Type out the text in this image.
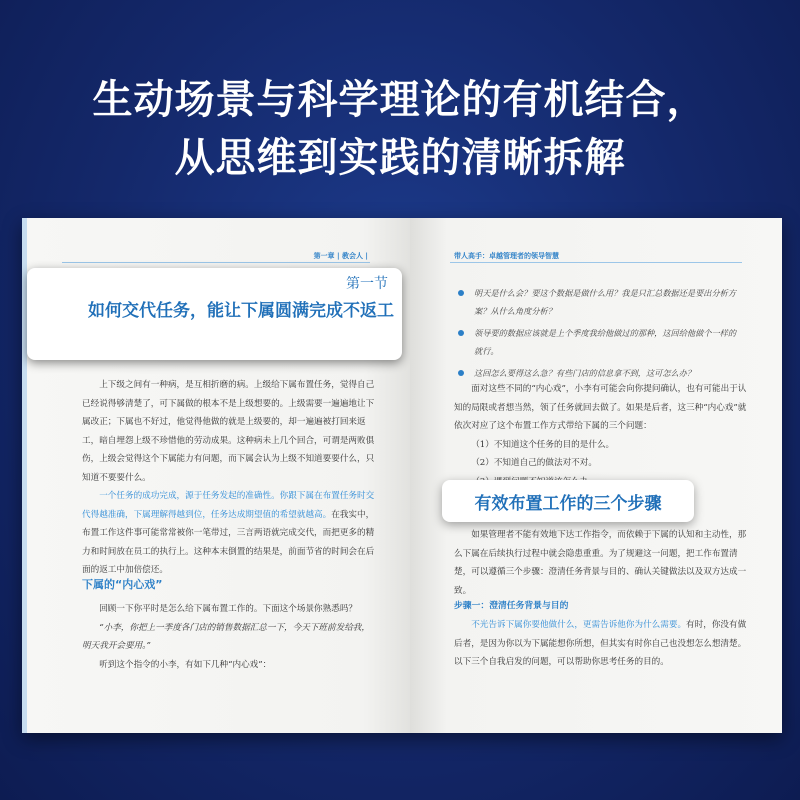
生动场景与科学理论的有机结合，
从思维到实践的清晰拆解
第一章 | 教会人 |

上下级之间有一种病，是互相折磨的病。上级给下属布置任务，觉得自己已经说得够清楚了，可下属做的根本不是上级想要的。上级需要一遍遍地让下属改正；下属也不好过，他觉得他做的就是上级要的，却一遍遍被打回来返工，暗自埋怨上级不珍惜他的劳动成果。这种病未上几个回合，可谓是两败俱伤，上级会觉得这个下属能力有问题，而下属会认为上级不知道要要什么，只知道不要要什么。

一个任务的成功完成，源于任务发起的准确性。你跟下属在布置任务时交代得越准确，下属理解得越到位，任务达成期望值的希望就越高。在我实中，布置工作这件事可能常常被你一笔带过，三言两语就完成交代，而把更多的精力和时间放在员工的执行上。这种本末倒置的结果是，前面节省的时间会在后面的返工中加倍偿还。

下属的“内心戏”

回顾一下你平时是怎么给下属布置工作的。下面这个场景你熟悉吗？

“小李，你把上一季度各门店的销售数据汇总一下，今天下班前发给我，明天我开会要用。”

听到这个指令的小李，有如下几种“内心戏”：

第一节
如何交代任务，能让下属圆满完成不返工
带人高手：卓越管理者的领导智慧
明天是什么会？要这个数据是做什么用？我是只汇总数据还是要出分析方案？从什么角度分析？
领导要的数据应该就是上个季度我给他做过的那种，这回给他做个一样的就行。
这回怎么要得这么急？有些门店的信息拿不到，这可怎么办？

面对这些不同的“内心戏”，小李有可能会向你提问确认，也有可能出于认知的局限或者想当然，领了任务就回去做了。如果是后者，这三种“内心戏”就依次对应了这个布置工作方式带给下属的三个问题：

（1）不知道这个任务的目的是什么。

（2）不知道自己的做法对不对。

有效布置工作的三个步骤

如果管理者不能有效地下达工作指令，而依赖于下属的认知和主动性，那么下属在后续执行过程中就会隐患重重。为了规避这一问题，把工作布置清楚，可以遵循三个步骤：澄清任务背景与目的、确认关键做法以及双方达成一致。

步骤一：澄清任务背景与目的

不光告诉下属你要他做什么，更需告诉他你为什么需要。有时，你没有做后者，是因为你以为下属能想你所想，但其实有时你自己也没想怎么想清楚。以下三个自我启发的问题，可以帮助你思考任务的目的。
